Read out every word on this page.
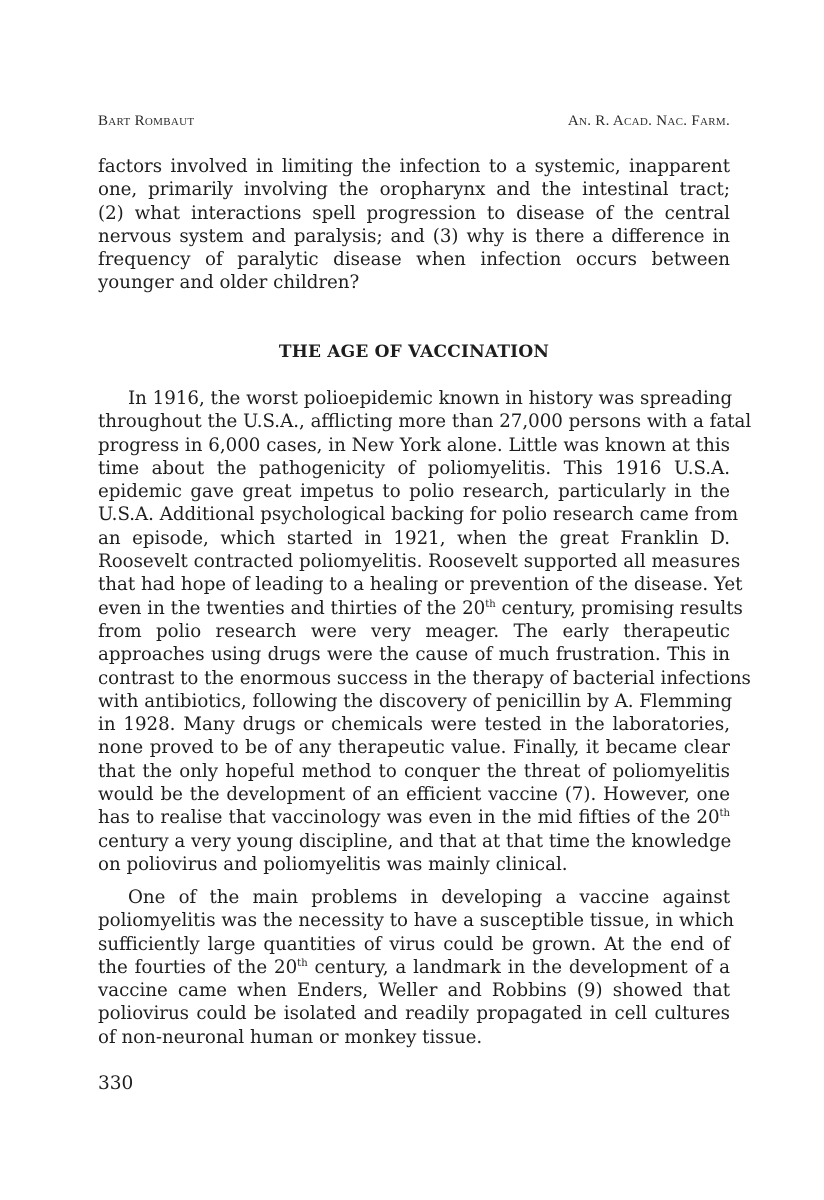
Bart Rombaut	An. R. Acad. Nac. Farm.
factors involved in limiting the infection to a systemic, inapparent
one, primarily involving the oropharynx and the intestinal tract;
(2) what interactions spell progression to disease of the central
nervous system and paralysis; and (3) why is there a difference in
frequency of paralytic disease when infection occurs between
younger and older children?
THE AGE OF VACCINATION
In 1916, the worst polioepidemic known in history was spreading
throughout the U.S.A., afflicting more than 27,000 persons with a fatal
progress in 6,000 cases, in New York alone. Little was known at this
time about the pathogenicity of poliomyelitis. This 1916 U.S.A.
epidemic gave great impetus to polio research, particularly in the
U.S.A. Additional psychological backing for polio research came from
an episode, which started in 1921, when the great Franklin D.
Roosevelt contracted poliomyelitis. Roosevelt supported all measures
that had hope of leading to a healing or prevention of the disease. Yet
even in the twenties and thirties of the 20th century, promising results
from polio research were very meager. The early therapeutic
approaches using drugs were the cause of much frustration. This in
contrast to the enormous success in the therapy of bacterial infections
with antibiotics, following the discovery of penicillin by A. Flemming
in 1928. Many drugs or chemicals were tested in the laboratories,
none proved to be of any therapeutic value. Finally, it became clear
that the only hopeful method to conquer the threat of poliomyelitis
would be the development of an efficient vaccine (7). However, one
has to realise that vaccinology was even in the mid fifties of the 20th
century a very young discipline, and that at that time the knowledge
on poliovirus and poliomyelitis was mainly clinical.
One of the main problems in developing a vaccine against
poliomyelitis was the necessity to have a susceptible tissue, in which
sufficiently large quantities of virus could be grown. At the end of
the fourties of the 20th century, a landmark in the development of a
vaccine came when Enders, Weller and Robbins (9) showed that
poliovirus could be isolated and readily propagated in cell cultures
of non-neuronal human or monkey tissue.
330
